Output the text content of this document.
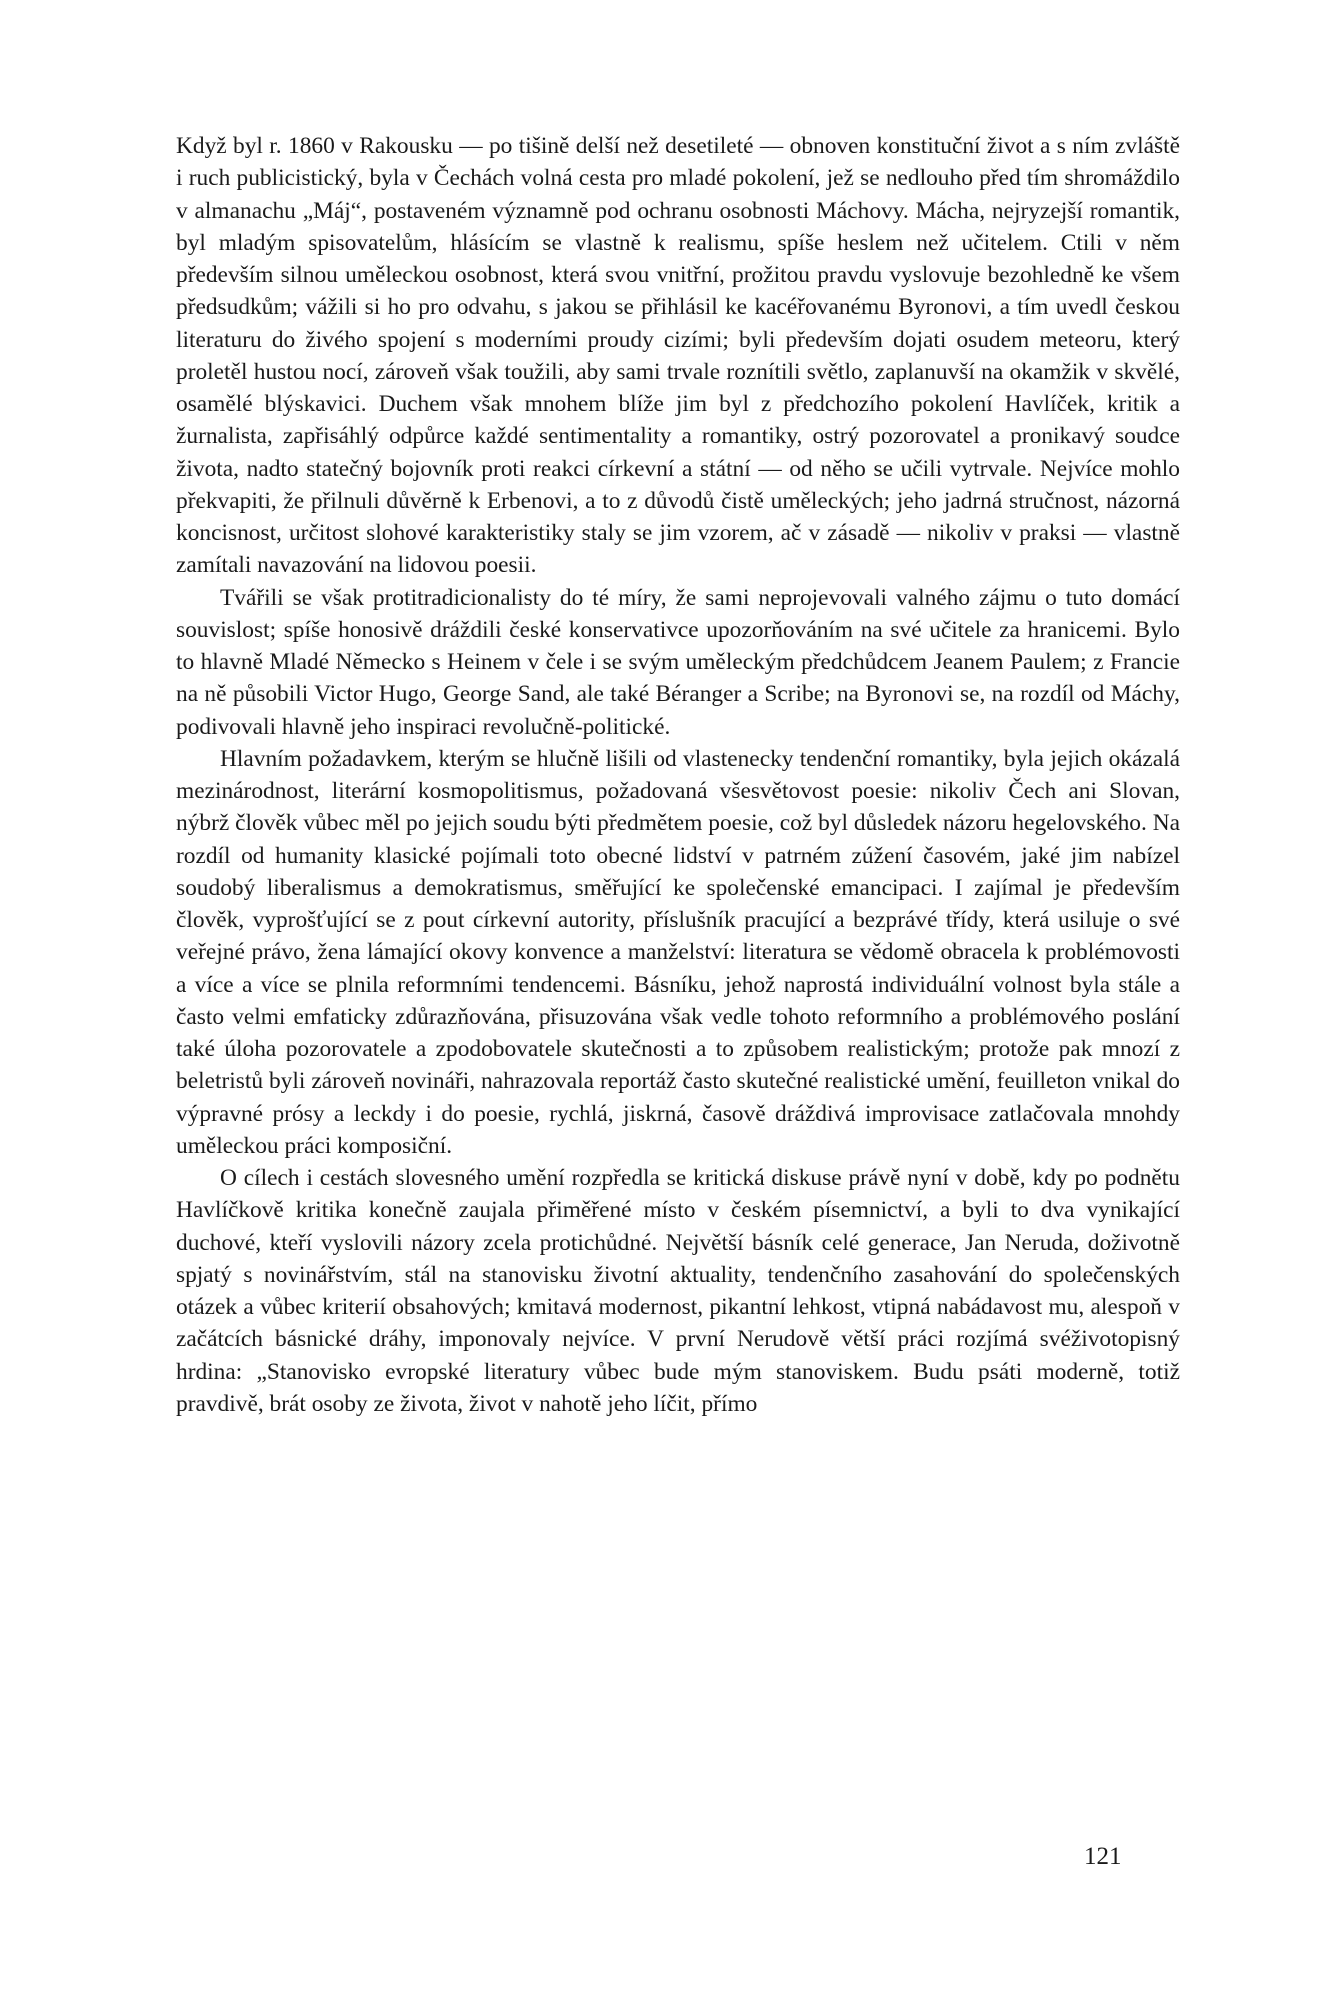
Když byl r. 1860 v Rakousku — po tišině delší než desetileté — obnoven konstituční život a s ním zvláště i ruch publicistický, byla v Čechách volná cesta pro mladé pokolení, jež se nedlouho před tím shromáždilo v almanachu „Máj“, postaveném významně pod ochranu osobnosti Máchovy. Mácha, nejryzejší romantik, byl mladým spisovatelům, hlásícím se vlastně k realismu, spíše heslem než učitelem. Ctili v něm především silnou uměleckou osobnost, která svou vnitřní, prožitou pravdu vyslovuje bezohledně ke všem předsudkům; vážili si ho pro odvahu, s jakou se přihlásil ke kacéřovanému Byronovi, a tím uvedl českou literaturu do živého spojení s moderními proudy cizími; byli především dojati osudem meteoru, který proletěl hustou nocí, zároveň však toužili, aby sami trvale roznítili světlo, zaplanuvší na okamžik v skvělé, osamělé blýskavici. Duchem však mnohem blíže jim byl z předchozího pokolení Havlíček, kritik a žurnalista, zapřisáhlý odpůrce každé sentimentality a romantiky, ostrý pozorovatel a pronikavý soudce života, nadto statečný bojovník proti reakci církevní a státní — od něho se učili vytrvale. Nejvíce mohlo překvapiti, že přilnuli důvěrně k Erbenovi, a to z důvodů čistě uměleckých; jeho jadrná stručnost, názorná koncisnost, určitost slohové karakteristiky staly se jim vzorem, ač v zásadě — nikoliv v praksi — vlastně zamítali navazování na lidovou poesii.

Tvářili se však protitradicionalisty do té míry, že sami neprojevovali valného zájmu o tuto domácí souvislost; spíše honosivě dráždili české konservativce upozorňováním na své učitele za hranicemi. Bylo to hlavně Mladé Německo s Heinem v čele i se svým uměleckým předchůdcem Jeanem Paulem; z Francie na ně působili Victor Hugo, George Sand, ale také Béranger a Scribe; na Byronovi se, na rozdíl od Máchy, podivovali hlavně jeho inspiraci revolučně-politické.

Hlavním požadavkem, kterým se hlučně lišili od vlastenecky tendenční romantiky, byla jejich okázalá mezinárodnost, literární kosmopolitismus, požadovaná všesvětovost poesie: nikoliv Čech ani Slovan, nýbrž člověk vůbec měl po jejich soudu býti předmětem poesie, což byl důsledek názoru hegelovského. Na rozdíl od humanity klasické pojímali toto obecné lidství v patrném zúžení časovém, jaké jim nabízel soudobý liberalismus a demokratismus, směřující ke společenské emancipaci. I zajímal je především člověk, vyprošťující se z pout církevní autority, příslušník pracující a bezprávé třídy, která usiluje o své veřejné právo, žena lámající okovy konvence a manželství: literatura se vědomě obracela k problémovosti a více a více se plnila reformními tendencemi. Básníku, jehož naprostá individuální volnost byla stále a často velmi emfaticky zdůrazňována, přisuzována však vedle tohoto reformního a problémového poslání také úloha pozorovatele a zpodobovatele skutečnosti a to způsobem realistickým; protože pak mnozí z beletristů byli zároveň novináři, nahrazovala reportáž často skutečné realistické umění, feuilleton vnikal do výpravné prósy a leckdy i do poesie, rychlá, jiskrná, časově dráždivá improvisace zatlačovala mnohdy uměleckou práci komposiční.

O cílech i cestách slovesného umění rozpředla se kritická diskuse právě nyní v době, kdy po podnětu Havlíčkově kritika konečně zaujala přiměřené místo v českém písemnictví, a byli to dva vynikající duchové, kteří vyslovili názory zcela protichůdné. Největší básník celé generace, Jan Neruda, doživotně spjatý s novinářstvím, stál na stanovisku životní aktuality, tendenčního zasahování do společenských otázek a vůbec kriterií obsahových; kmitavá modernost, pikantní lehkost, vtipná nabádavost mu, alespoň v začátcích básnické dráhy, imponovaly nejvíce. V první Nerudově větší práci rozjímá svéživotopisný hrdina: „Stanovisko evropské literatury vůbec bude mým stanoviskem. Budu psáti moderně, totiž pravdivě, brát osoby ze života, život v nahotě jeho líčit, přímo

121
